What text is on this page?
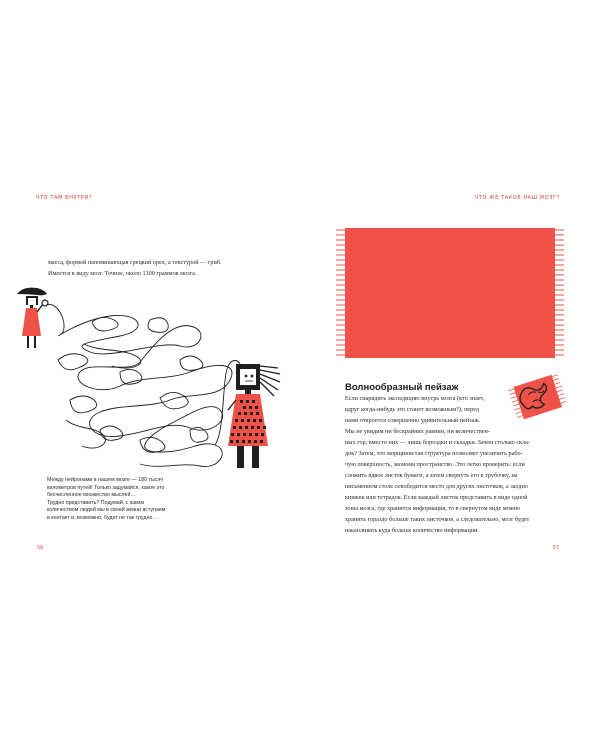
ЧТО ТАМ ВНУТРИ?	ЧТО ЖЕ ТАКОЕ НАШ МОЗГ?
масса, формой напоминающая грецкий орех, а текстурой — гриб.
Имеется в виду мозг. Точнее, около 1300 граммов мозга.
Между нейронами в нашем мозге — 180 тысяч
километров путей! Только задумайся, какое это
бесчисленное множество мыслей…
Трудно представить? Подумай, с каким
количеством людей мы в своей жизни вступаем
в контакт и, возможно, будет не так трудно…
56	57
Волнообразный пейзаж
Если снарядить экспедицию внутрь мозга (кто знает,
вдруг когда-нибудь это станет возможным?), перед
нами откроется совершенно удивительный пейзаж.
Мы не увидим ни бескрайних равнин, ни величествен-
ных гор, вместо них — лишь бороздки и складки. Зачем столько скла-
док? Затем, что морщинистая структура позволяет увеличить рабо-
чую поверхность, экономя пространство. Это легко проверить: если
сложить вдвое листок бумаги, а затем свернуть его в трубочку, на
письменном столе освободится место для других листочков, а заодно
книжек или тетрадок. Если каждый листок представить в виде одной
зоны мозга, где хранится информация, то в свернутом виде можно
хранить гораздо больше таких листочков, а следовательно, мозг будет
накапливать куда больше количество информации.
